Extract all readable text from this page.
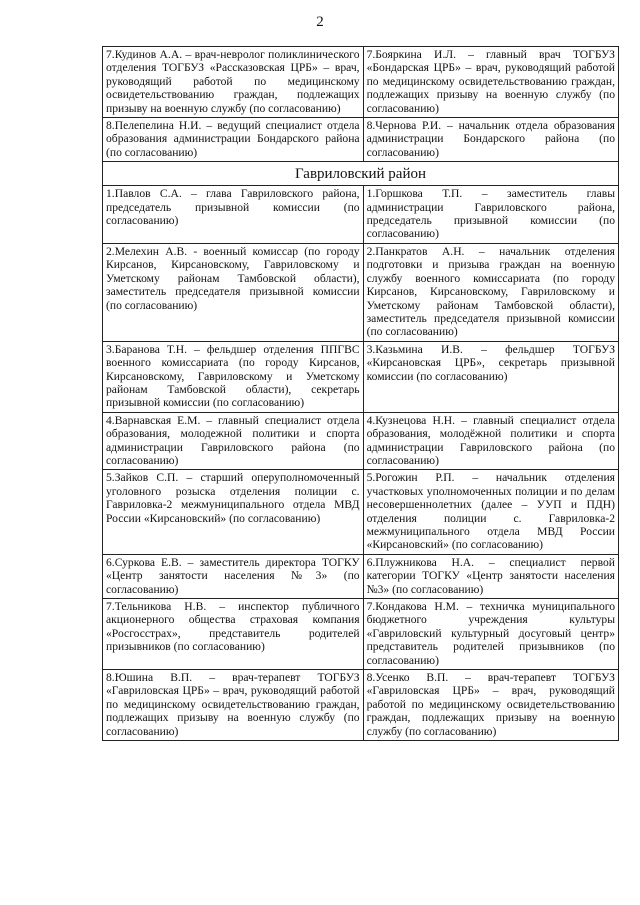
2
7.Кудинов А.А. – врач-невролог поликлинического отделения ТОГБУЗ «Рассказовская ЦРБ» – врач, руководящий работой по медицинскому освидетельствованию граждан, подлежащих призыву на военную службу (по согласованию)	7.Бояркина И.Л. – главный врач ТОГБУЗ «Бондарская ЦРБ» – врач, руководящий работой по медицинскому освидетельствованию граждан, подлежащих призыву на военную службу (по согласованию)

8.Пелепелина Н.И. – ведущий специалист отдела образования администрации Бондарского района (по согласованию)	8.Чернова Р.И. – начальник отдела образования администрации Бондарского района (по согласованию)

Гавриловский район	

1.Павлов С.А. – глава Гавриловского района, председатель призывной комиссии (по согласованию)	1.Горшкова Т.П. – заместитель главы администрации Гавриловского района, председатель призывной комиссии (по согласованию)

2.Мелехин А.В. - военный комиссар (по городу Кирсанов, Кирсановскому, Гавриловскому и Уметскому районам Тамбовской области), заместитель председателя призывной комиссии (по согласованию)	2.Панкратов А.Н. – начальник отделения подготовки и призыва граждан на военную службу военного комиссариата (по городу Кирсанов, Кирсановскому, Гавриловскому и Уметскому районам Тамбовской области), заместитель председателя призывной комиссии (по согласованию)

3.Баранова Т.Н. – фельдшер отделения ППГВС военного комиссариата (по городу Кирсанов, Кирсановскому, Гавриловскому и Уметскому районам Тамбовской области), секретарь призывной комиссии (по согласованию)	3.Казьмина И.В. – фельдшер ТОГБУЗ «Кирсановская ЦРБ», секретарь призывной комиссии (по согласованию)

4.Варнавская Е.М. – главный специалист отдела образования, молодежной политики и спорта администрации Гавриловского района (по согласованию)	4.Кузнецова Н.Н. – главный специалист отдела образования, молодёжной политики и спорта администрации Гавриловского района (по согласованию)

5.Зайков С.П. – старший оперуполномоченный уголовного розыска отделения полиции с. Гавриловка-2 межмуниципального отдела МВД России «Кирсановский» (по согласованию)	5.Рогожин Р.П. – начальник отделения участковых уполномоченных полиции и по делам несовершеннолетних (далее – УУП и ПДН) отделения полиции с. Гавриловка-2 межмуниципального отдела МВД России «Кирсановский» (по согласованию)

6.Суркова Е.В. – заместитель директора ТОГКУ «Центр занятости населения №3» (по согласованию)	6.Плужникова Н.А. – специалист первой категории ТОГКУ «Центр занятости населения №3» (по согласованию)

7.Тельникова Н.В. – инспектор публичного акционерного общества страховая компания «Росгосстрах», представитель родителей призывников (по согласованию)	7.Кондакова Н.М. – техничка муниципального бюджетного учреждения культуры «Гавриловский культурный досуговый центр» представитель родителей призывников (по согласованию)

8.Юшина В.П. – врач-терапевт ТОГБУЗ «Гавриловская ЦРБ» – врач, руководящий работой по медицинскому освидетельствованию граждан, подлежащих призыву на военную службу (по согласованию)	8.Усенко В.П. – врач-терапевт ТОГБУЗ «Гавриловская ЦРБ» – врач, руководящий работой по медицинскому освидетельствованию граждан, подлежащих призыву на военную службу (по согласованию)
